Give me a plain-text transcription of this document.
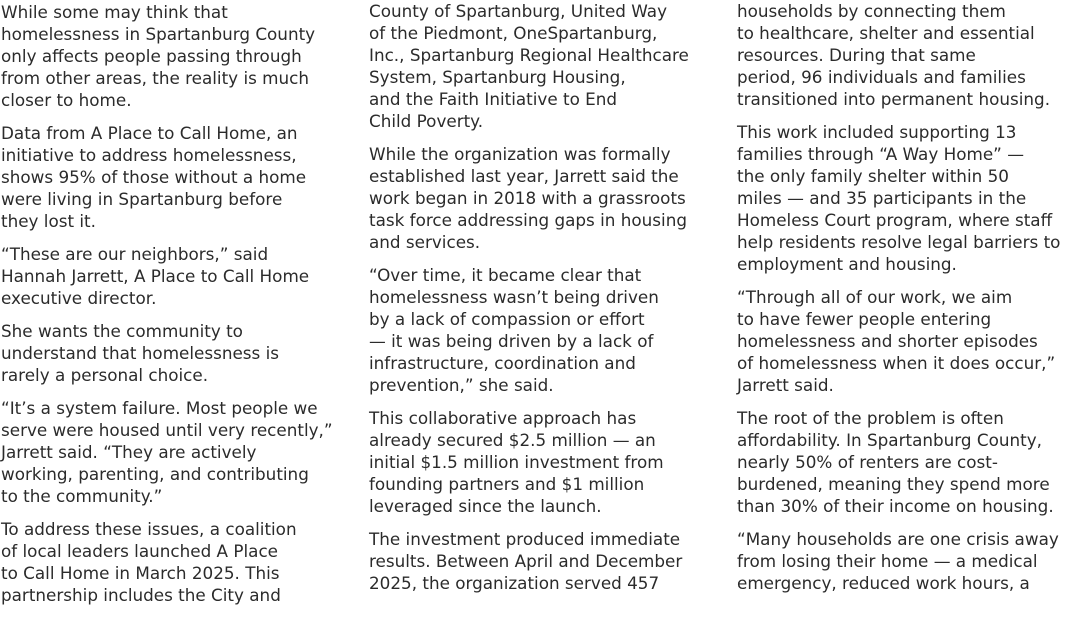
While some may think that
homelessness in Spartanburg County
only affects people passing through
from other areas, the reality is much
closer to home.

Data from A Place to Call Home, an
initiative to address homelessness,
shows 95% of those without a home
were living in Spartanburg before
they lost it.

“These are our neighbors,” said
Hannah Jarrett, A Place to Call Home
executive director.

She wants the community to
understand that homelessness is
rarely a personal choice.

“It’s a system failure. Most people we
serve were housed until very recently,”
Jarrett said. “They are actively
working, parenting, and contributing
to the community.”

To address these issues, a coalition
of local leaders launched A Place
to Call Home in March 2025. This
partnership includes the City and

County of Spartanburg, United Way
of the Piedmont, OneSpartanburg,
Inc., Spartanburg Regional Healthcare
System, Spartanburg Housing,
and the Faith Initiative to End
Child Poverty.

While the organization was formally
established last year, Jarrett said the
work began in 2018 with a grassroots
task force addressing gaps in housing
and services.

“Over time, it became clear that
homelessness wasn’t being driven
by a lack of compassion or effort
— it was being driven by a lack of
infrastructure, coordination and
prevention,” she said.

This collaborative approach has
already secured $2.5 million — an
initial $1.5 million investment from
founding partners and $1 million
leveraged since the launch.

The investment produced immediate
results. Between April and December
2025, the organization served 457

households by connecting them
to healthcare, shelter and essential
resources. During that same
period, 96 individuals and families
transitioned into permanent housing.

This work included supporting 13
families through “A Way Home” —
the only family shelter within 50
miles — and 35 participants in the
Homeless Court program, where staff
help residents resolve legal barriers to
employment and housing.

“Through all of our work, we aim
to have fewer people entering
homelessness and shorter episodes
of homelessness when it does occur,”
Jarrett said.

The root of the problem is often
affordability. In Spartanburg County,
nearly 50% of renters are cost-
burdened, meaning they spend more
than 30% of their income on housing.

“Many households are one crisis away
from losing their home — a medical
emergency, reduced work hours, a
